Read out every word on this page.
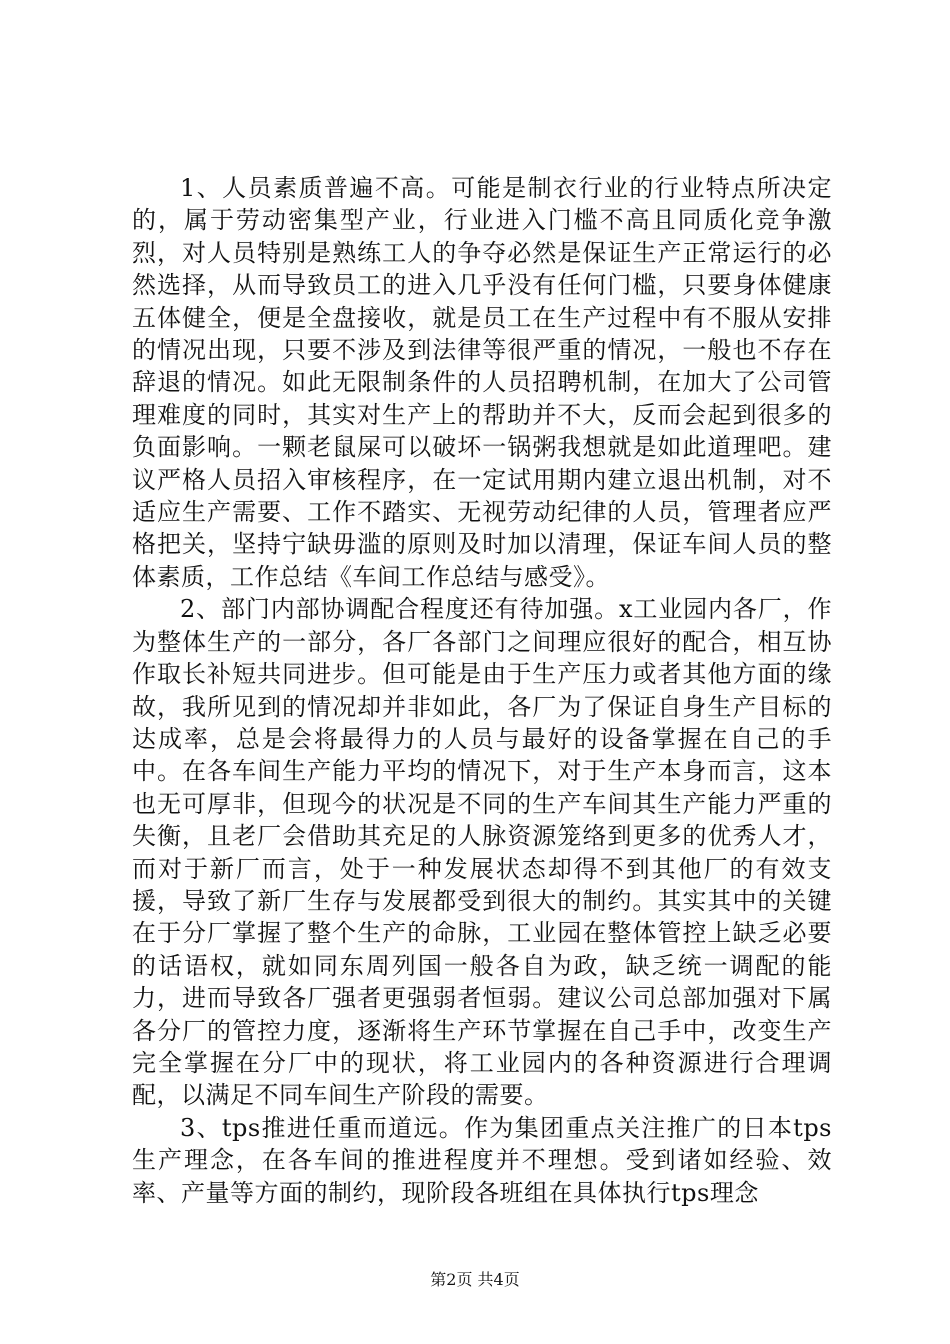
1、人员素质普遍不高。可能是制衣行业的行业特点所决定的，属于劳动密集型产业，行业进入门槛不高且同质化竞争激烈，对人员特别是熟练工人的争夺必然是保证生产正常运行的必然选择，从而导致员工的进入几乎没有任何门槛，只要身体健康五体健全，便是全盘接收，就是员工在生产过程中有不服从安排的情况出现，只要不涉及到法律等很严重的情况，一般也不存在辞退的情况。如此无限制条件的人员招聘机制，在加大了公司管理难度的同时，其实对生产上的帮助并不大，反而会起到很多的负面影响。一颗老鼠屎可以破坏一锅粥我想就是如此道理吧。建议严格人员招入审核程序，在一定试用期内建立退出机制，对不适应生产需要、工作不踏实、无视劳动纪律的人员，管理者应严格把关，坚持宁缺毋滥的原则及时加以清理，保证车间人员的整体素质，工作总结《车间工作总结与感受》。

2、部门内部协调配合程度还有待加强。x工业园内各厂，作为整体生产的一部分，各厂各部门之间理应很好的配合，相互协作取长补短共同进步。但可能是由于生产压力或者其他方面的缘故，我所见到的情况却并非如此，各厂为了保证自身生产目标的达成率，总是会将最得力的人员与最好的设备掌握在自己的手中。在各车间生产能力平均的情况下，对于生产本身而言，这本也无可厚非，但现今的状况是不同的生产车间其生产能力严重的失衡，且老厂会借助其充足的人脉资源笼络到更多的优秀人才，而对于新厂而言，处于一种发展状态却得不到其他厂的有效支援，导致了新厂生存与发展都受到很大的制约。其实其中的关键在于分厂掌握了整个生产的命脉，工业园在整体管控上缺乏必要的话语权，就如同东周列国一般各自为政，缺乏统一调配的能力，进而导致各厂强者更强弱者恒弱。建议公司总部加强对下属各分厂的管控力度，逐渐将生产环节掌握在自己手中，改变生产完全掌握在分厂中的现状，将工业园内的各种资源进行合理调配，以满足不同车间生产阶段的需要。

3、tps推进任重而道远。作为集团重点关注推广的日本tps生产理念，在各车间的推进程度并不理想。受到诸如经验、效率、产量等方面的制约，现阶段各班组在具体执行tps理念

第2页 共4页
